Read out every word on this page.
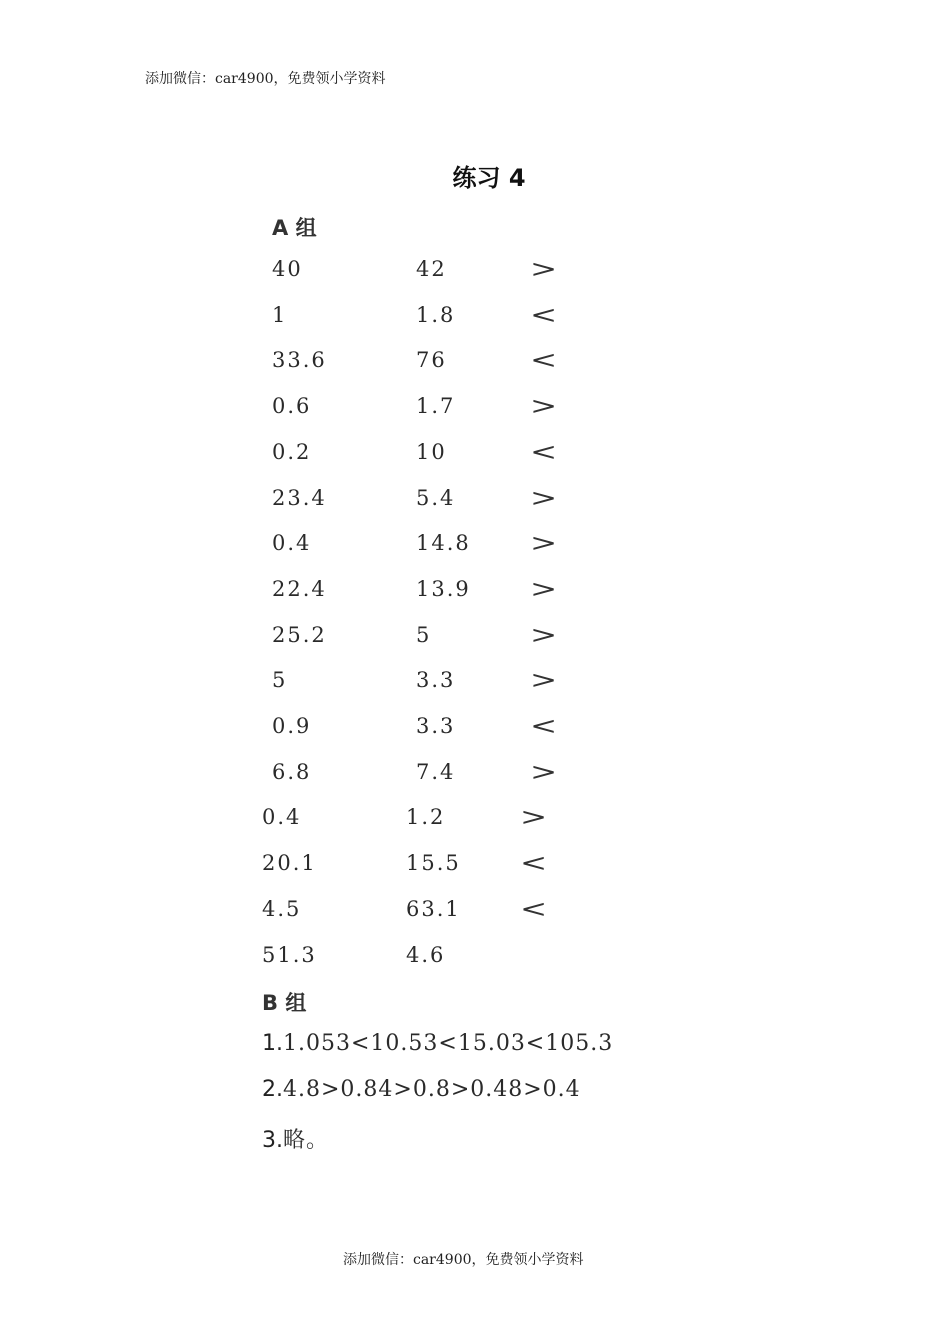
添加微信：car4900，免费领小学资料
练习 4
A 组
40	42	>
1	1.8	<
33.6	76	<
0.6	1.7	>
0.2	10	<
23.4	5.4	>
0.4	14.8 >
22.4	13.9 >
25.2	5	>
5	3.3	>
0.9	3.3	<
6.8	7.4	>
0.4	1.2	>
20.1	15.5 <
4.5	63.1 <
51.3	4.6
B 组
1.1.053<10.53<15.03<105.3
2.4.8>0.84>0.8>0.48>0.4
3.略。
添加微信：car4900，免费领小学资料
